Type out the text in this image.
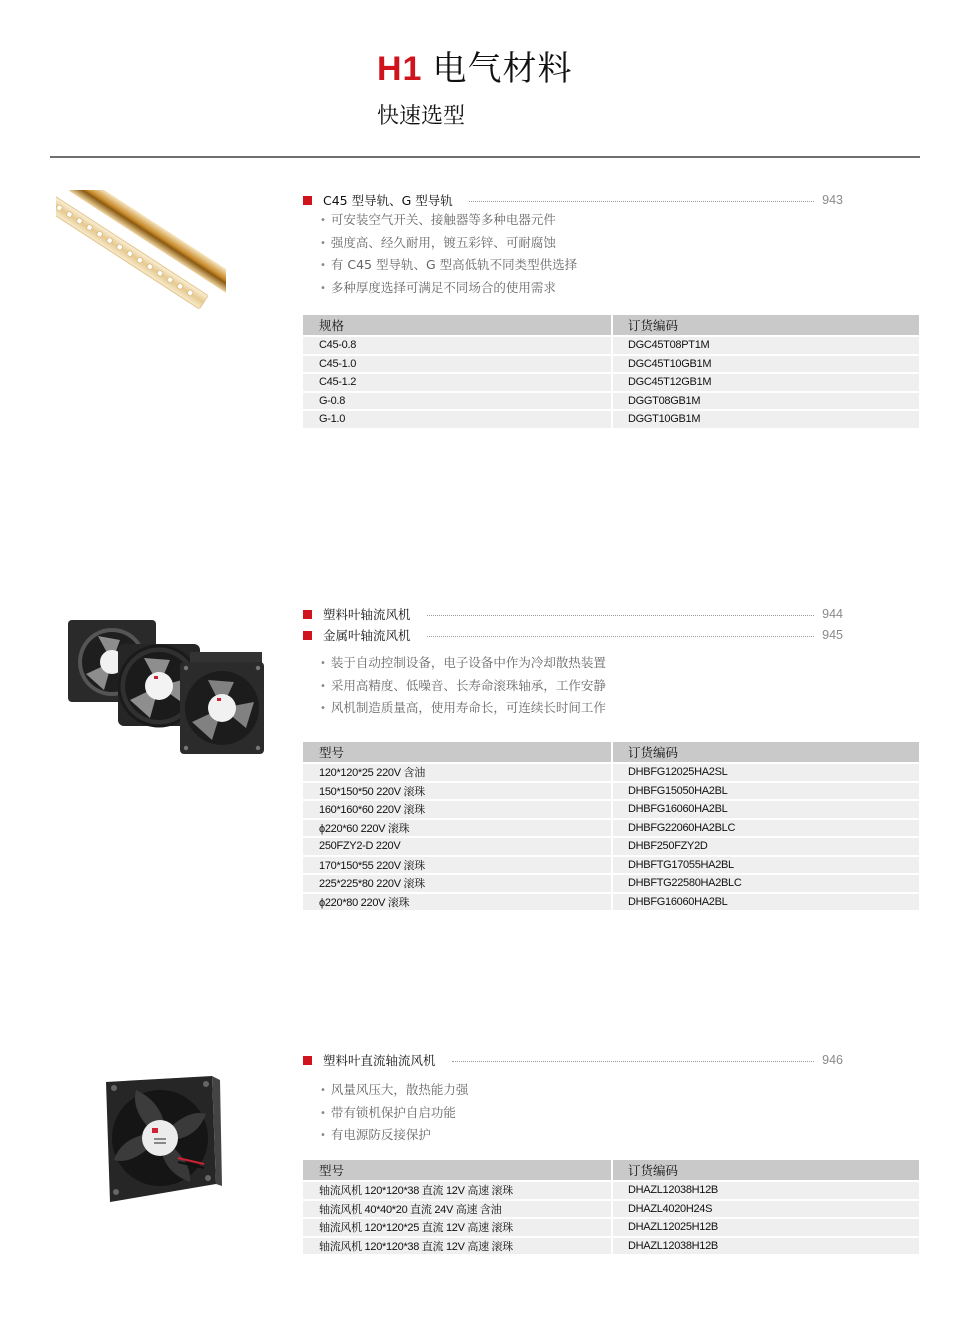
H1 电气材料
快速选型
C45 型导轨、G 型导轨	943
• 可安装空气开关、接触器等多种电器元件
• 强度高、经久耐用，镀五彩锌、可耐腐蚀
• 有 C45 型导轨、G 型高低轨不同类型供选择
• 多种厚度选择可满足不同场合的使用需求
规格	订货编码
C45-0.8	DGC45T08PT1M
C45-1.0	DGC45T10GB1M
C45-1.2	DGC45T12GB1M
G-0.8	DGGT08GB1M
G-1.0	DGGT10GB1M
塑料叶轴流风机	944
金属叶轴流风机	945
• 装于自动控制设备，电子设备中作为冷却散热装置
• 采用高精度、低噪音、长寿命滚珠轴承，工作安静
• 风机制造质量高，使用寿命长，可连续长时间工作
型号	订货编码
120*120*25 220V 含油	DHBFG12025HA2SL
150*150*50 220V 滚珠	DHBFG15050HA2BL
160*160*60 220V 滚珠	DHBFG16060HA2BL
ϕ220*60 220V 滚珠	DHBFG22060HA2BLC
250FZY2-D 220V	DHBF250FZY2D
170*150*55 220V 滚珠	DHBFTG17055HA2BL
225*225*80 220V 滚珠	DHBFTG22580HA2BLC
ϕ220*80 220V 滚珠	DHBFG16060HA2BL
塑料叶直流轴流风机	946
• 风量风压大，散热能力强
• 带有锁机保护自启功能
• 有电源防反接保护
型号	订货编码
轴流风机 120*120*38 直流 12V 高速 滚珠	DHAZL12038H12B
轴流风机 40*40*20 直流 24V 高速 含油	DHAZL4020H24S
轴流风机 120*120*25 直流 12V 高速 滚珠	DHAZL12025H12B
轴流风机 120*120*38 直流 12V 高速 滚珠	DHAZL12038H12B
